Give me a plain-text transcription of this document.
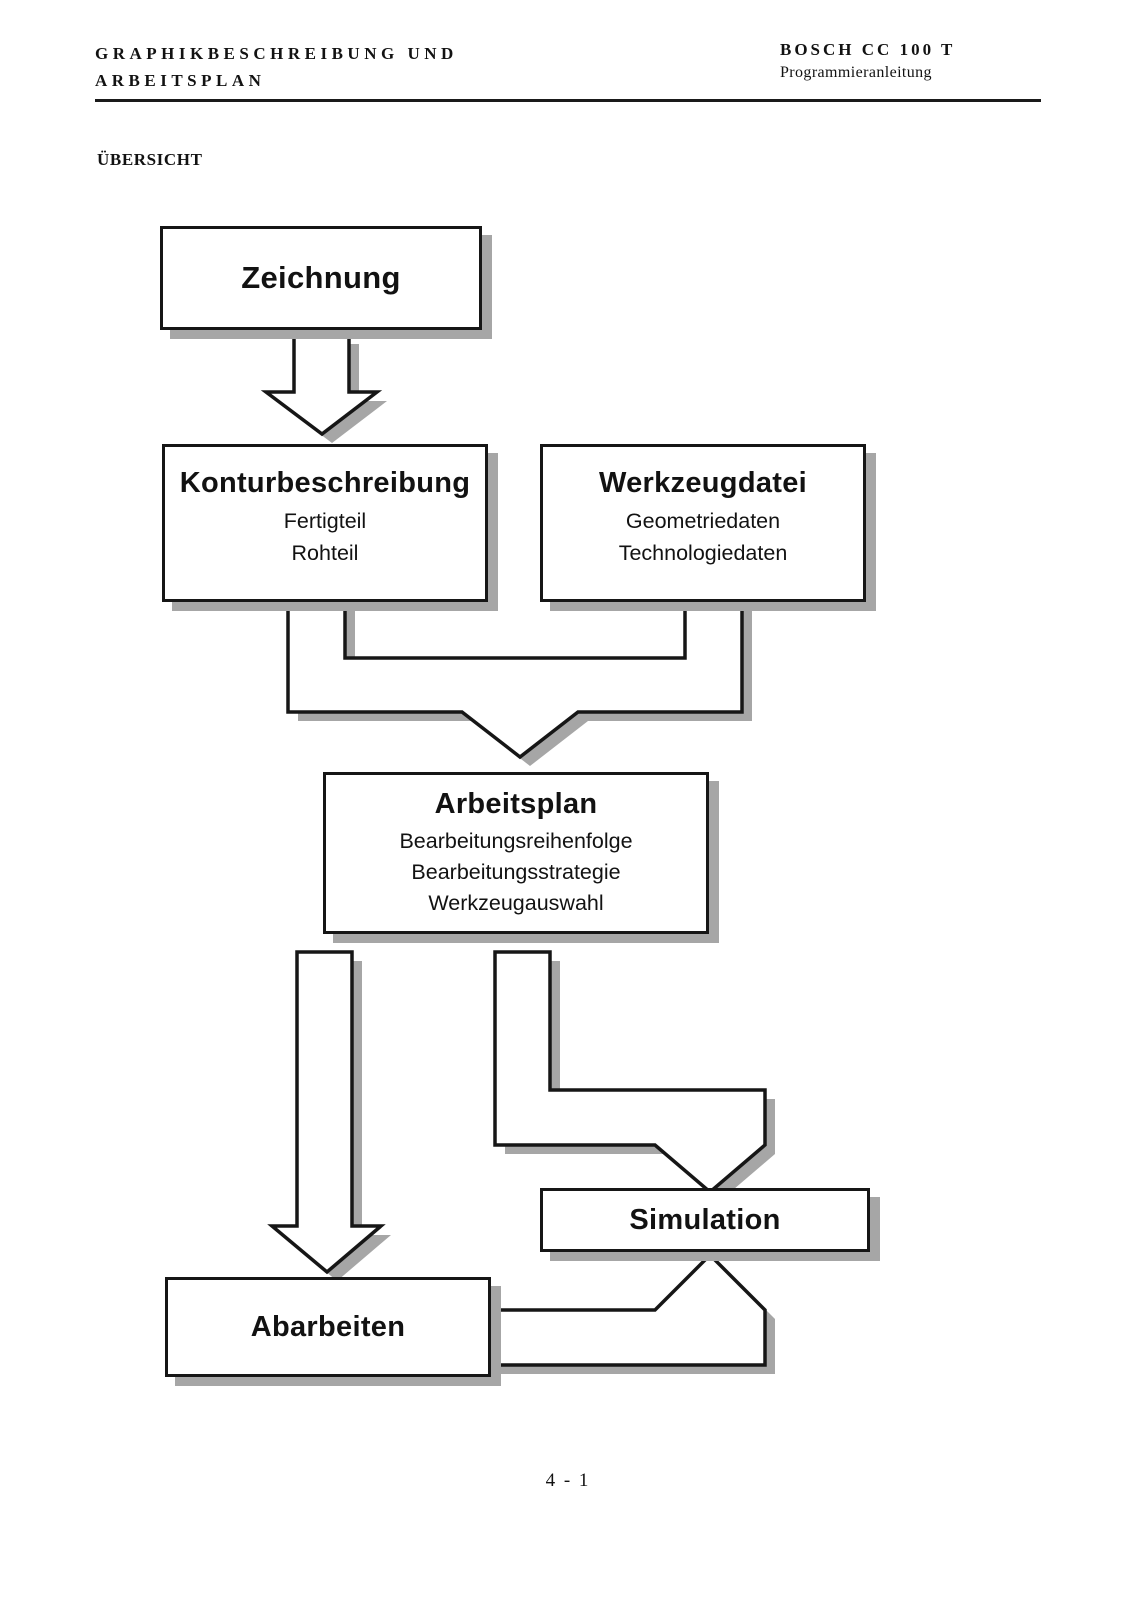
GRAPHIKBESCHREIBUNG UND
ARBEITSPLAN
BOSCH CC 100 T
Programmieranleitung
ÜBERSICHT
Zeichnung
Konturbeschreibung
Fertigteil
Rohteil
Werkzeugdatei
Geometriedaten
Technologiedaten
Arbeitsplan
Bearbeitungsreihenfolge
Bearbeitungsstrategie
Werkzeugauswahl
Simulation
Abarbeiten
4 - 1
